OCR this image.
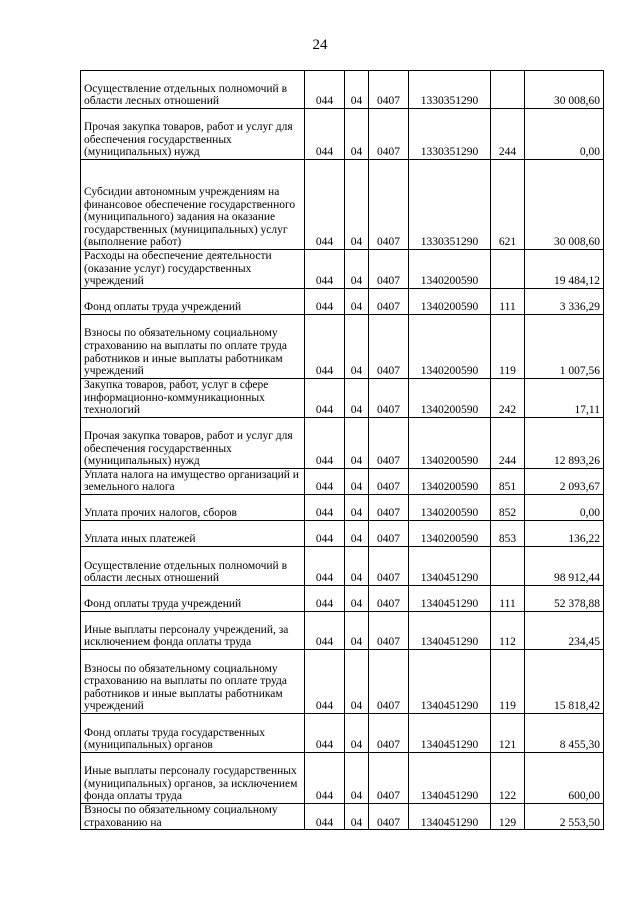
24
Осуществление отдельных полномочий в области лесных отношений	044	04	0407	1330351290		30 008,60
Прочая закупка товаров, работ и услуг для обеспечения государственных (муниципальных) нужд	044	04	0407	1330351290	244	0,00
Субсидии автономным учреждениям на финансовое обеспечение государственного (муниципального) задания на оказание государственных (муниципальных) услуг (выполнение работ)	044	04	0407	1330351290	621	30 008,60
Расходы на обеспечение деятельности (оказание услуг) государственных учреждений	044	04	0407	1340200590		19 484,12
Фонд оплаты труда учреждений	044	04	0407	1340200590	111	3 336,29
Взносы по обязательному социальному страхованию на выплаты по оплате труда работников и иные выплаты работникам учреждений	044	04	0407	1340200590	119	1 007,56
Закупка товаров, работ, услуг в сфере информационно-коммуникационных технологий	044	04	0407	1340200590	242	17,11
Прочая закупка товаров, работ и услуг для обеспечения государственных (муниципальных) нужд	044	04	0407	1340200590	244	12 893,26
Уплата налога на имущество организаций и земельного налога	044	04	0407	1340200590	851	2 093,67
Уплата прочих налогов, сборов	044	04	0407	1340200590	852	0,00
Уплата иных платежей	044	04	0407	1340200590	853	136,22
Осуществление отдельных полномочий в области лесных отношений	044	04	0407	1340451290		98 912,44
Фонд оплаты труда учреждений	044	04	0407	1340451290	111	52 378,88
Иные выплаты персоналу учреждений, за исключением фонда оплаты труда	044	04	0407	1340451290	112	234,45
Взносы по обязательному социальному страхованию на выплаты по оплате труда работников и иные выплаты работникам учреждений	044	04	0407	1340451290	119	15 818,42
Фонд оплаты труда государственных (муниципальных) органов	044	04	0407	1340451290	121	8 455,30
Иные выплаты персоналу государственных (муниципальных) органов, за исключением фонда оплаты труда	044	04	0407	1340451290	122	600,00
Взносы по обязательному социальному страхованию на	044	04	0407	1340451290	129	2 553,50
